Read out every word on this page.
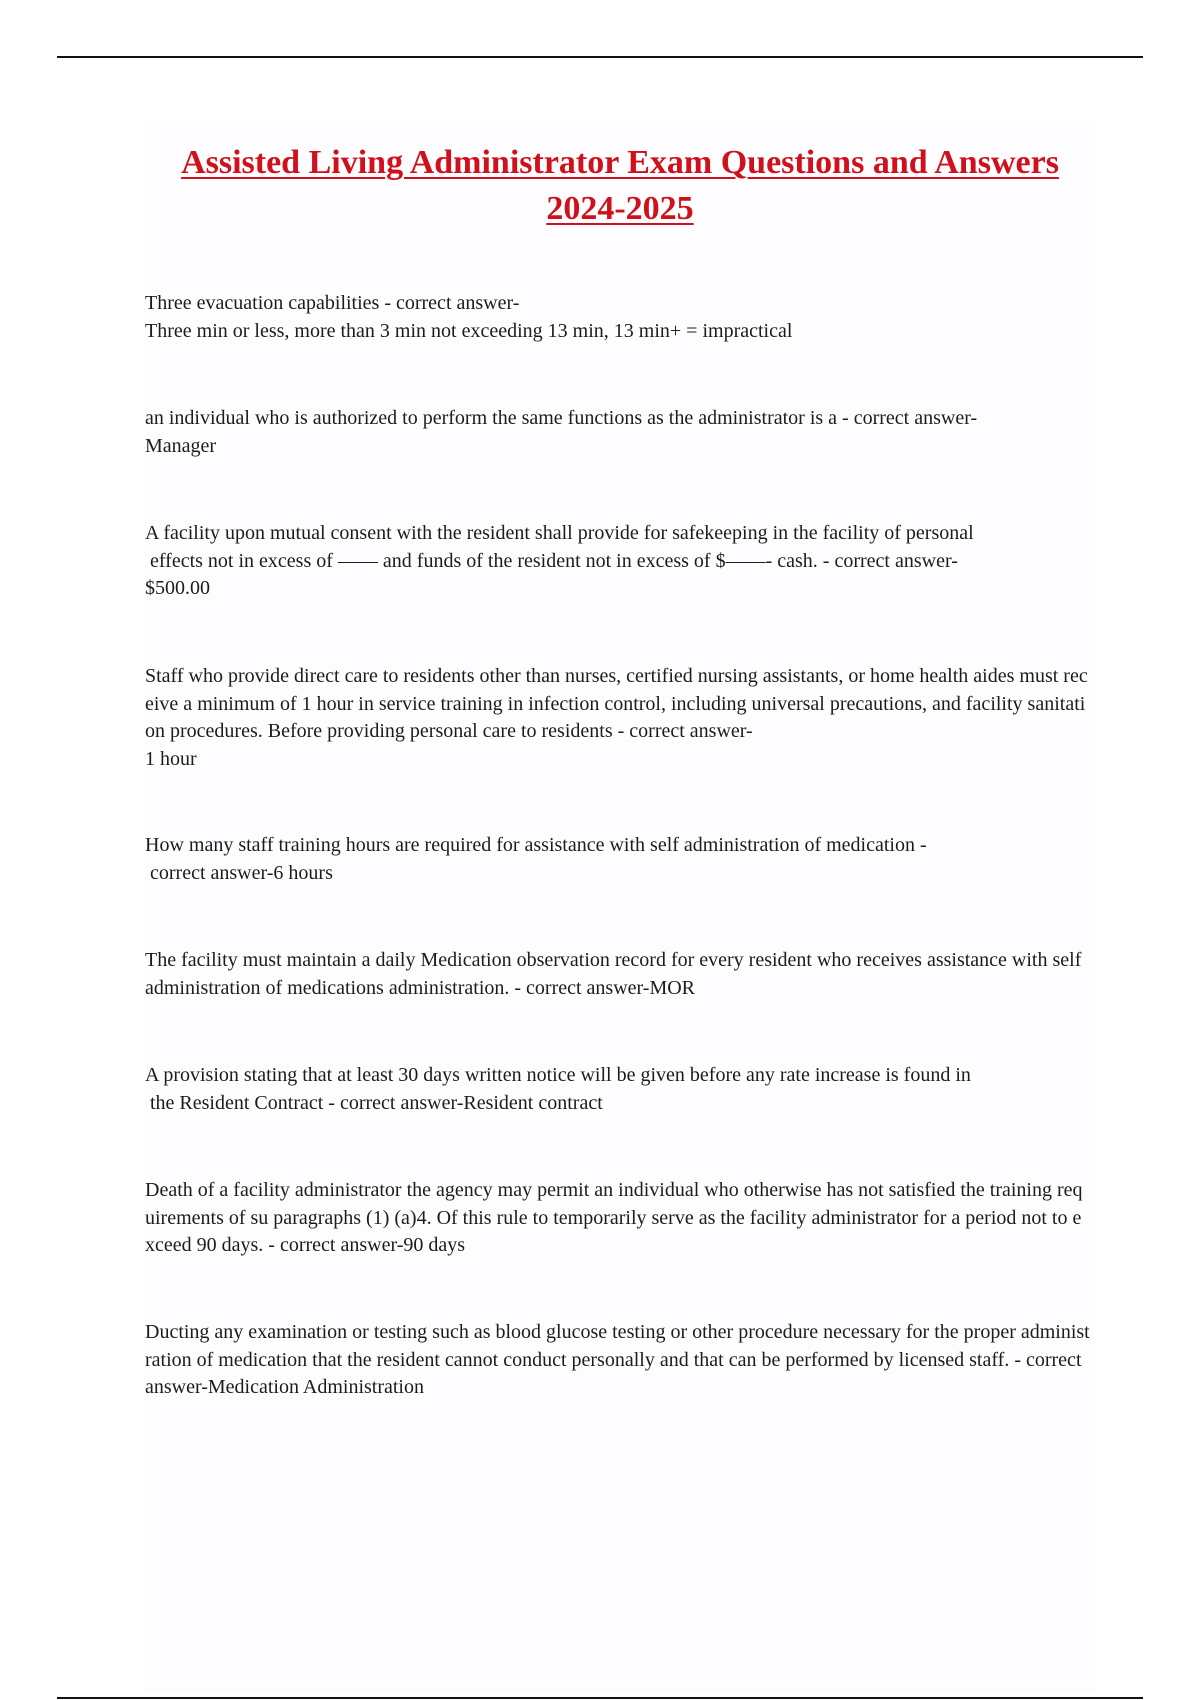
Assisted Living Administrator Exam Questions and Answers 2024-2025

Three evacuation capabilities - correct answer-
Three min or less, more than 3 min not exceeding 13 min, 13 min+ = impractical

an individual who is authorized to perform the same functions as the administrator is a - correct answer-
Manager

A facility upon mutual consent with the resident shall provide for safekeeping in the facility of personal
effects not in excess of —— and funds of the resident not in excess of $——- cash. - correct answer-
$500.00

Staff who provide direct care to residents other than nurses, certified nursing assistants, or home health aides must receive a minimum of 1 hour in service training in infection control, including universal precautions, and facility sanitation procedures. Before providing personal care to residents - correct answer-
1 hour

How many staff training hours are required for assistance with self administration of medication -
correct answer-6 hours

The facility must maintain a daily Medication observation record for every resident who receives assistance with self administration of medications administration. - correct answer-MOR

A provision stating that at least 30 days written notice will be given before any rate increase is found in
the Resident Contract - correct answer-Resident contract

Death of a facility administrator the agency may permit an individual who otherwise has not satisfied the training requirements of su paragraphs (1) (a)4. Of this rule to temporarily serve as the facility administrator for a period not to exceed 90 days. - correct answer-90 days

Ducting any examination or testing such as blood glucose testing or other procedure necessary for the proper administration of medication that the resident cannot conduct personally and that can be performed by licensed staff. - correct answer-Medication Administration
